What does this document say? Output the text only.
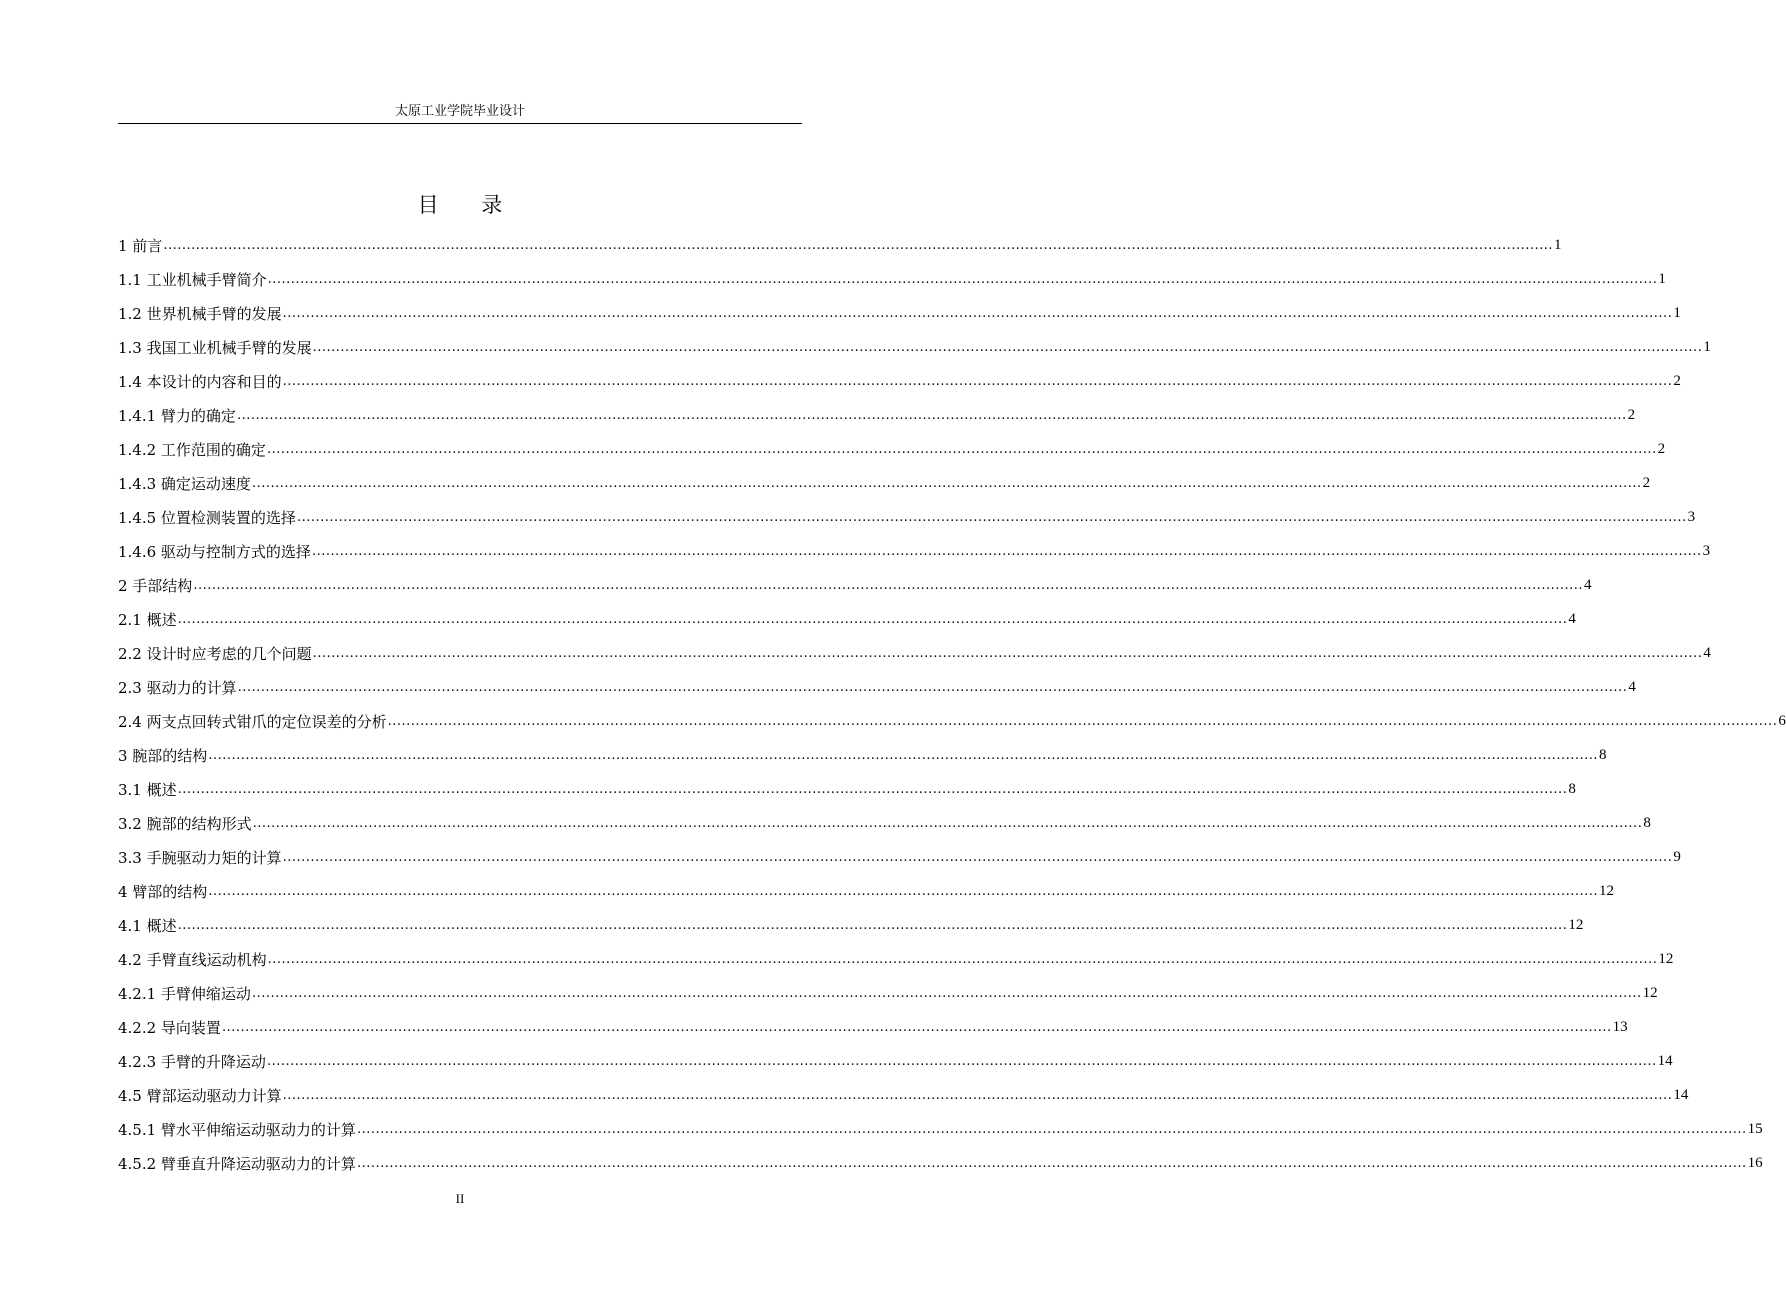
太原工业学院毕业设计
目 录
1 前言 ............................................................................................................................................................................................................................................................................................................ 1
1.1 工业机械手臂简介 ............................................................................................................................................................................................................................................................................................................ 1
1.2 世界机械手臂的发展 ............................................................................................................................................................................................................................................................................................................ 1
1.3 我国工业机械手臂的发展 ............................................................................................................................................................................................................................................................................................................ 1
1.4 本设计的内容和目的 ............................................................................................................................................................................................................................................................................................................ 2
1.4.1 臂力的确定 ............................................................................................................................................................................................................................................................................................................ 2
1.4.2 工作范围的确定 ............................................................................................................................................................................................................................................................................................................ 2
1.4.3 确定运动速度 ............................................................................................................................................................................................................................................................................................................ 2
1.4.5 位置检测装置的选择 ............................................................................................................................................................................................................................................................................................................ 3
1.4.6 驱动与控制方式的选择 ............................................................................................................................................................................................................................................................................................................ 3
2 手部结构 ............................................................................................................................................................................................................................................................................................................ 4
2.1 概述 ............................................................................................................................................................................................................................................................................................................ 4
2.2 设计时应考虑的几个问题 ............................................................................................................................................................................................................................................................................................................ 4
2.3 驱动力的计算 ............................................................................................................................................................................................................................................................................................................ 4
2.4 两支点回转式钳爪的定位误差的分析 ............................................................................................................................................................................................................................................................................................................ 6
3 腕部的结构 ............................................................................................................................................................................................................................................................................................................ 8
3.1 概述 ............................................................................................................................................................................................................................................................................................................ 8
3.2 腕部的结构形式 ............................................................................................................................................................................................................................................................................................................ 8
3.3 手腕驱动力矩的计算 ............................................................................................................................................................................................................................................................................................................ 9
4 臂部的结构 ............................................................................................................................................................................................................................................................................................................ 12
4.1 概述 ............................................................................................................................................................................................................................................................................................................ 12
4.2 手臂直线运动机构 ............................................................................................................................................................................................................................................................................................................ 12
4.2.1 手臂伸缩运动 ............................................................................................................................................................................................................................................................................................................ 12
4.2.2 导向装置 ............................................................................................................................................................................................................................................................................................................ 13
4.2.3 手臂的升降运动 ............................................................................................................................................................................................................................................................................................................ 14
4.5 臂部运动驱动力计算 ............................................................................................................................................................................................................................................................................................................ 14
4.5.1 臂水平伸缩运动驱动力的计算 ............................................................................................................................................................................................................................................................................................................ 15
4.5.2 臂垂直升降运动驱动力的计算 ............................................................................................................................................................................................................................................................................................................ 16
II
